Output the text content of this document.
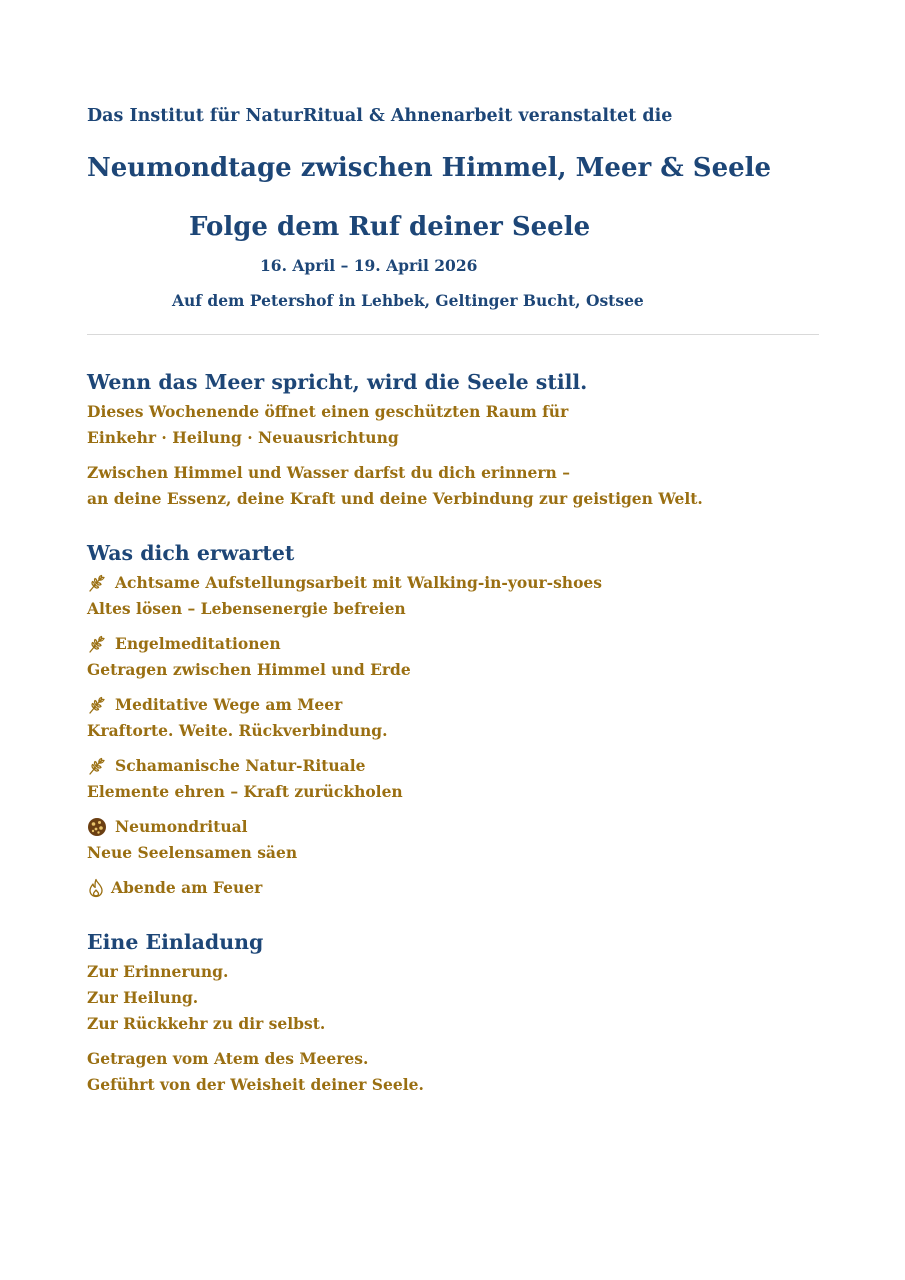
Das Institut für NaturRitual & Ahnenarbeit veranstaltet die
Neumondtage zwischen Himmel, Meer & Seele
Folge dem Ruf deiner Seele
16. April – 19. April 2026
Auf dem Petershof in Lehbek, Geltinger Bucht, Ostsee
Wenn das Meer spricht, wird die Seele still.
Dieses Wochenende öffnet einen geschützten Raum für
Einkehr · Heilung · Neuausrichtung
Zwischen Himmel und Wasser darfst du dich erinnern –
an deine Essenz, deine Kraft und deine Verbindung zur geistigen Welt.
Was dich erwartet
Achtsame Aufstellungsarbeit mit Walking-in-your-shoes
Altes lösen – Lebensenergie befreien
Engelmeditationen
Getragen zwischen Himmel und Erde
Meditative Wege am Meer
Kraftorte. Weite. Rückverbindung.
Schamanische Natur-Rituale
Elemente ehren – Kraft zurückholen
Neumondritual
Neue Seelensamen säen
Abende am Feuer
Eine Einladung
Zur Erinnerung.
Zur Heilung.
Zur Rückkehr zu dir selbst.
Getragen vom Atem des Meeres.
Geführt von der Weisheit deiner Seele.
